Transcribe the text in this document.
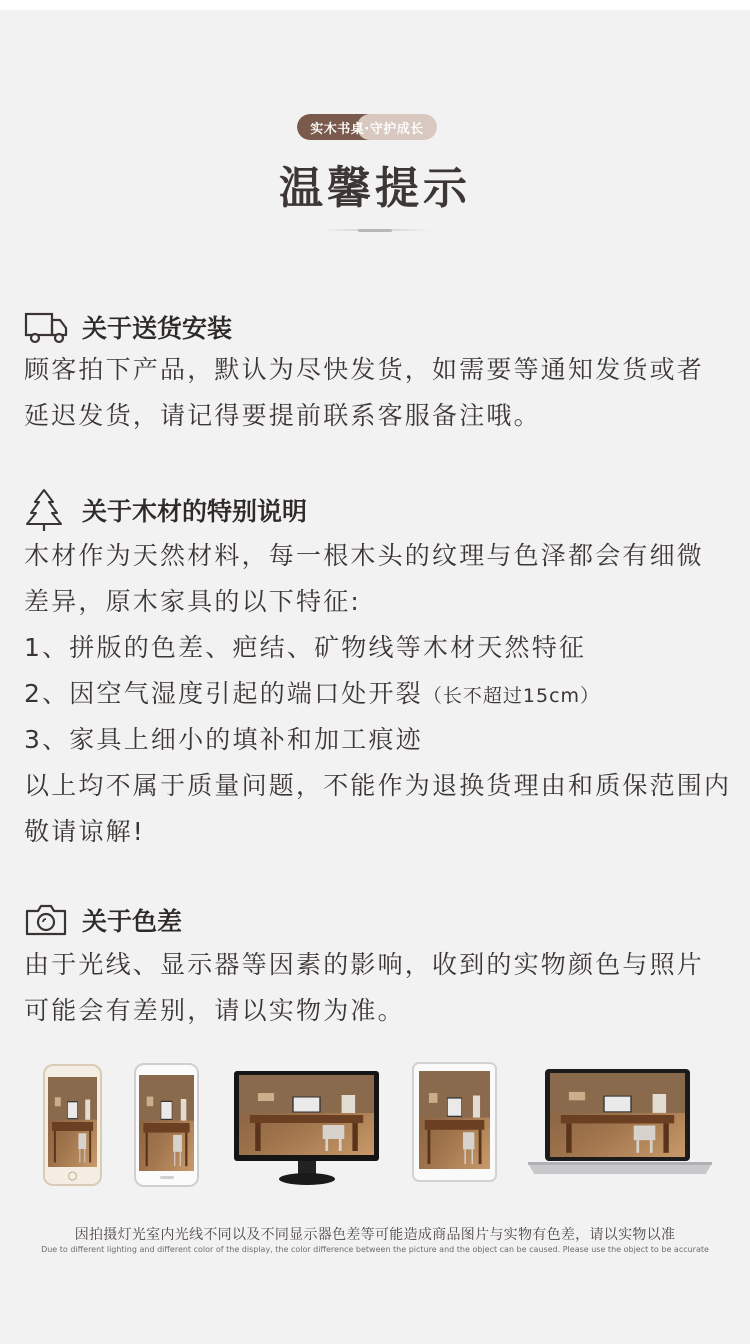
实木书桌·守护成长
温馨提示
关于送货安装
顾客拍下产品，默认为尽快发货，如需要等通知发货或者
延迟发货，请记得要提前联系客服备注哦。
关于木材的特别说明
木材作为天然材料，每一根木头的纹理与色泽都会有细微
差异，原木家具的以下特征:
1、拼版的色差、疤结、矿物线等木材天然特征
2、因空气湿度引起的端口处开裂（长不超过15cm）
3、家具上细小的填补和加工痕迹
以上均不属于质量问题，不能作为退换货理由和质保范围内
敬请谅解!
关于色差
由于光线、显示器等因素的影响，收到的实物颜色与照片
可能会有差别，请以实物为准。
因拍摄灯光室内光线不同以及不同显示器色差等可能造成商品图片与实物有色差，请以实物以准
Due to different lighting and different color of the display, the color difference between the picture and the object can be caused. Please use the object to be accurate
